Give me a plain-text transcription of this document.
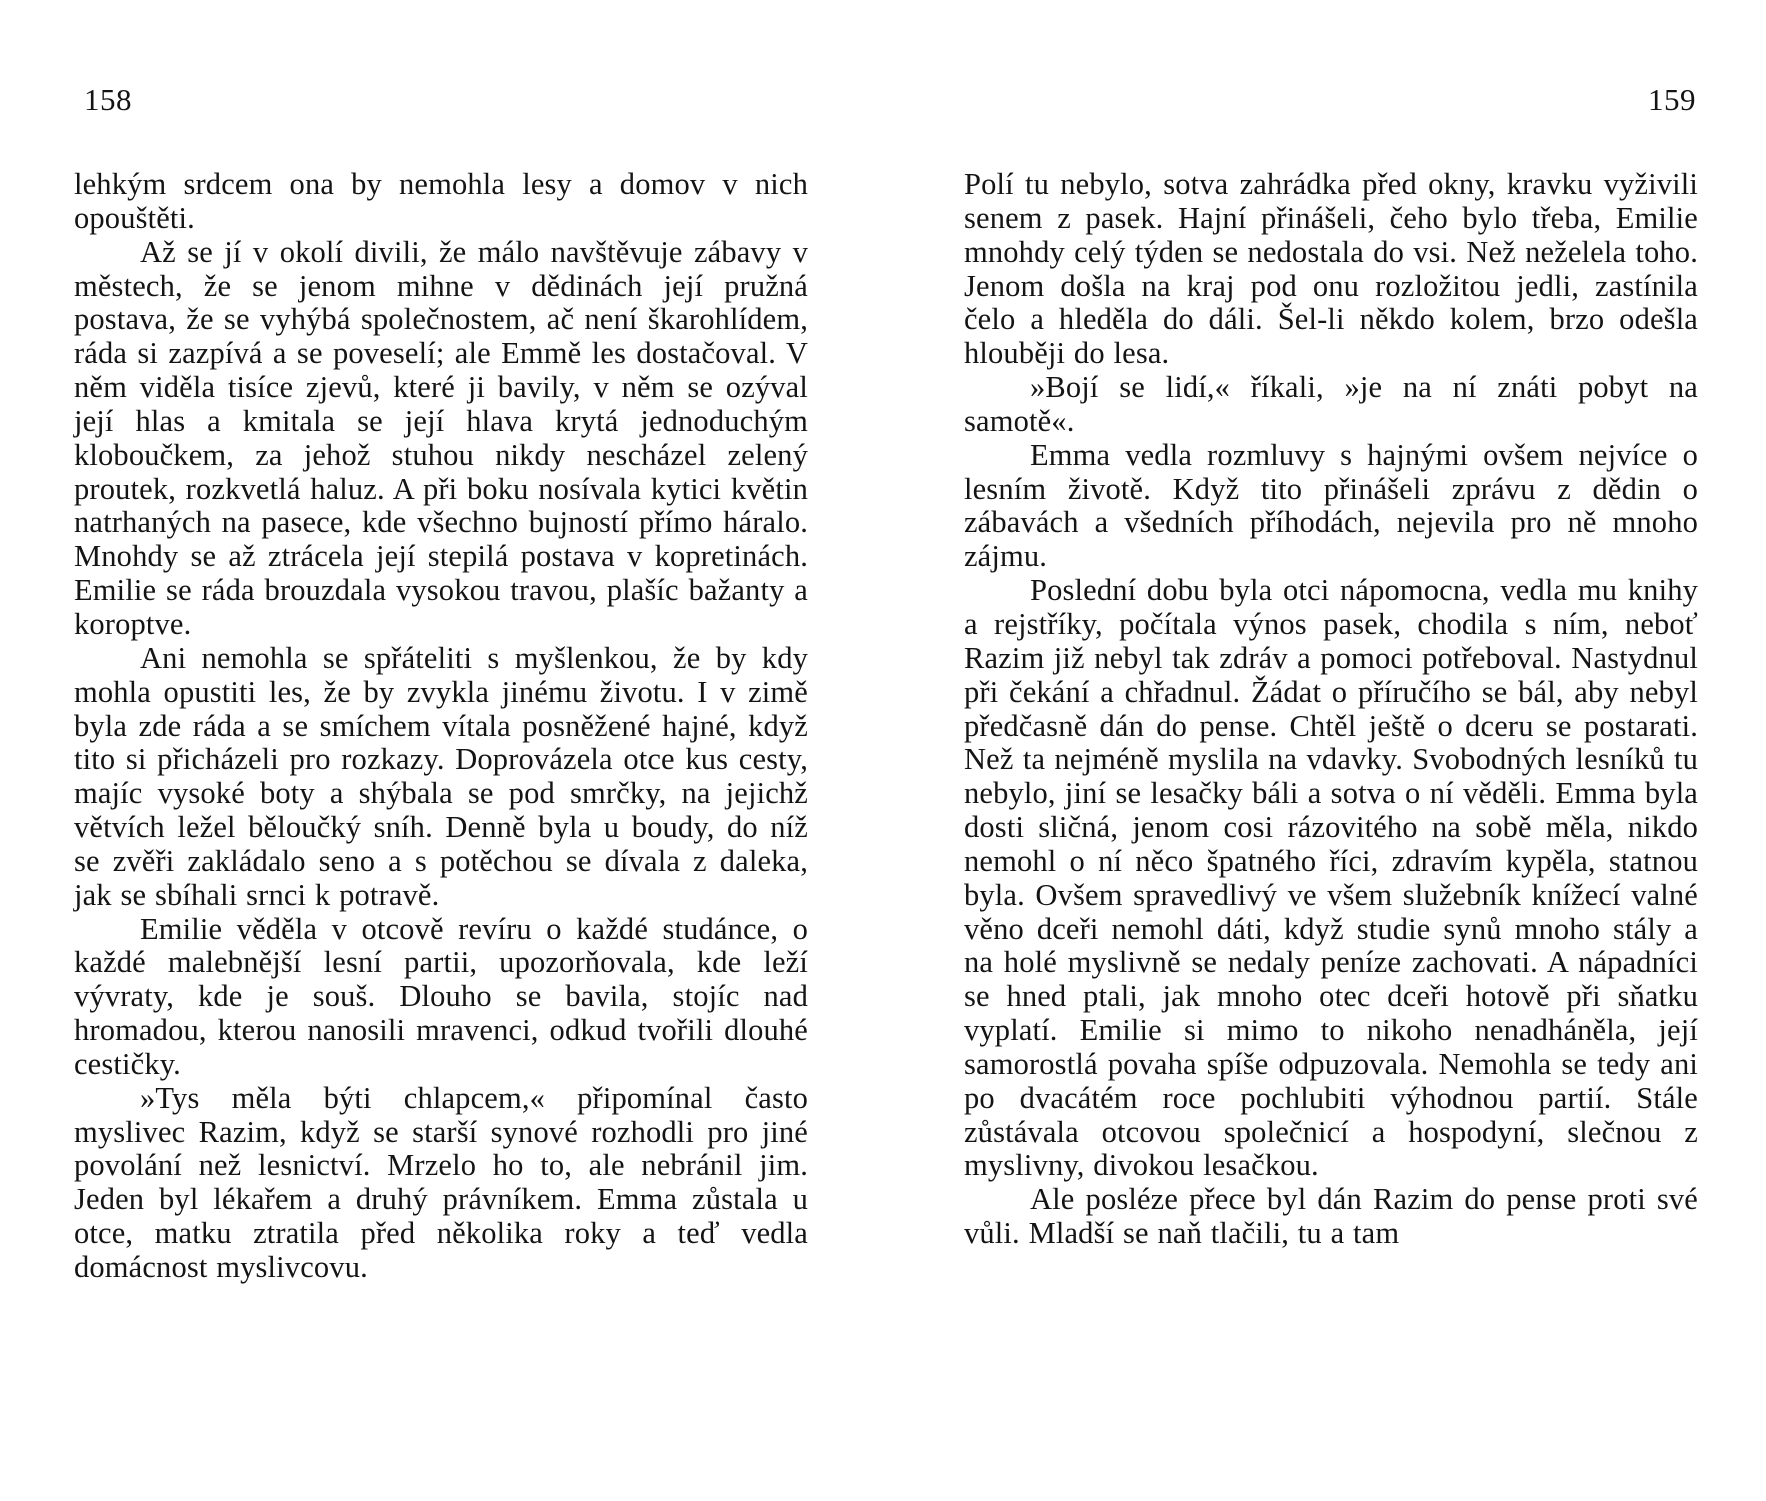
158

lehkým srdcem ona by nemohla lesy a domov v nich opouštěti.

Až se jí v okolí divili, že málo navštěvuje zábavy v městech, že se jenom mihne v dědinách její pružná postava, že se vyhýbá společnostem, ač není škarohlídem, ráda si zazpívá a se poveselí; ale Emmě les dostačoval. V něm viděla tisíce zjevů, které ji bavily, v něm se ozýval její hlas a kmitala se její hlava krytá jednoduchým kloboučkem, za jehož stuhou nikdy nescházel zelený proutek, rozkvetlá haluz. A při boku nosívala kytici květin natrhaných na pasece, kde všechno bujností přímo háralo. Mnohdy se až ztrácela její stepilá postava v kopretinách. Emilie se ráda brouzdala vysokou travou, plašíc bažanty a koroptve.

Ani nemohla se spřáteliti s myšlenkou, že by kdy mohla opustiti les, že by zvykla jinému životu. I v zimě byla zde ráda a se smíchem vítala posněžené hajné, když tito si přicházeli pro rozkazy. Doprovázela otce kus cesty, majíc vysoké boty a shýbala se pod smrčky, na jejichž větvích ležel běloučký sníh. Denně byla u boudy, do níž se zvěři zakládalo seno a s potěchou se dívala z daleka, jak se sbíhali srnci k potravě.

Emilie věděla v otcově revíru o každé studánce, o každé malebnější lesní partii, upozorňovala, kde leží vývraty, kde je souš. Dlouho se bavila, stojíc nad hromadou, kterou nanosili mravenci, odkud tvořili dlouhé cestičky.

»Tys měla býti chlapcem,« připomínal často myslivec Razim, když se starší synové rozhodli pro jiné povolání než lesnictví. Mrzelo ho to, ale nebránil jim. Jeden byl lékařem a druhý právníkem. Emma zůstala u otce, matku ztratila před několika roky a teď vedla domácnost myslivcovu.

159

Polí tu nebylo, sotva zahrádka před okny, kravku vyživili senem z pasek. Hajní přinášeli, čeho bylo třeba, Emilie mnohdy celý týden se nedostala do vsi. Než neželela toho. Jenom došla na kraj pod onu rozložitou jedli, zastínila čelo a hleděla do dáli. Šel-li někdo kolem, brzo odešla hlouběji do lesa.

»Bojí se lidí,« říkali, »je na ní znáti pobyt na samotě«.

Emma vedla rozmluvy s hajnými ovšem nejvíce o lesním životě. Když tito přinášeli zprávu z dědin o zábavách a všedních příhodách, nejevila pro ně mnoho zájmu.

Poslední dobu byla otci nápomocna, vedla mu knihy a rejstříky, počítala výnos pasek, chodila s ním, neboť Razim již nebyl tak zdráv a pomoci potřeboval. Nastydnul při čekání a chřadnul. Žádat o příručího se bál, aby nebyl předčasně dán do pense. Chtěl ještě o dceru se postarati. Než ta nejméně myslila na vdavky. Svobodných lesníků tu nebylo, jiní se lesačky báli a sotva o ní věděli. Emma byla dosti sličná, jenom cosi rázovitého na sobě měla, nikdo nemohl o ní něco špatného říci, zdravím kypěla, statnou byla. Ovšem spravedlivý ve všem služebník knížecí valné věno dceři nemohl dáti, když studie synů mnoho stály a na holé myslivně se nedaly peníze zachovati. A nápadníci se hned ptali, jak mnoho otec dceři hotově při sňatku vyplatí. Emilie si mimo to nikoho nenadháněla, její samorostlá povaha spíše odpuzovala. Nemohla se tedy ani po dvacátém roce pochlubiti výhodnou partií. Stále zůstávala otcovou společnicí a hospodyní, slečnou z myslivny, divokou lesačkou.

Ale posléze přece byl dán Razim do pense proti své vůli. Mladší se naň tlačili, tu a tam
